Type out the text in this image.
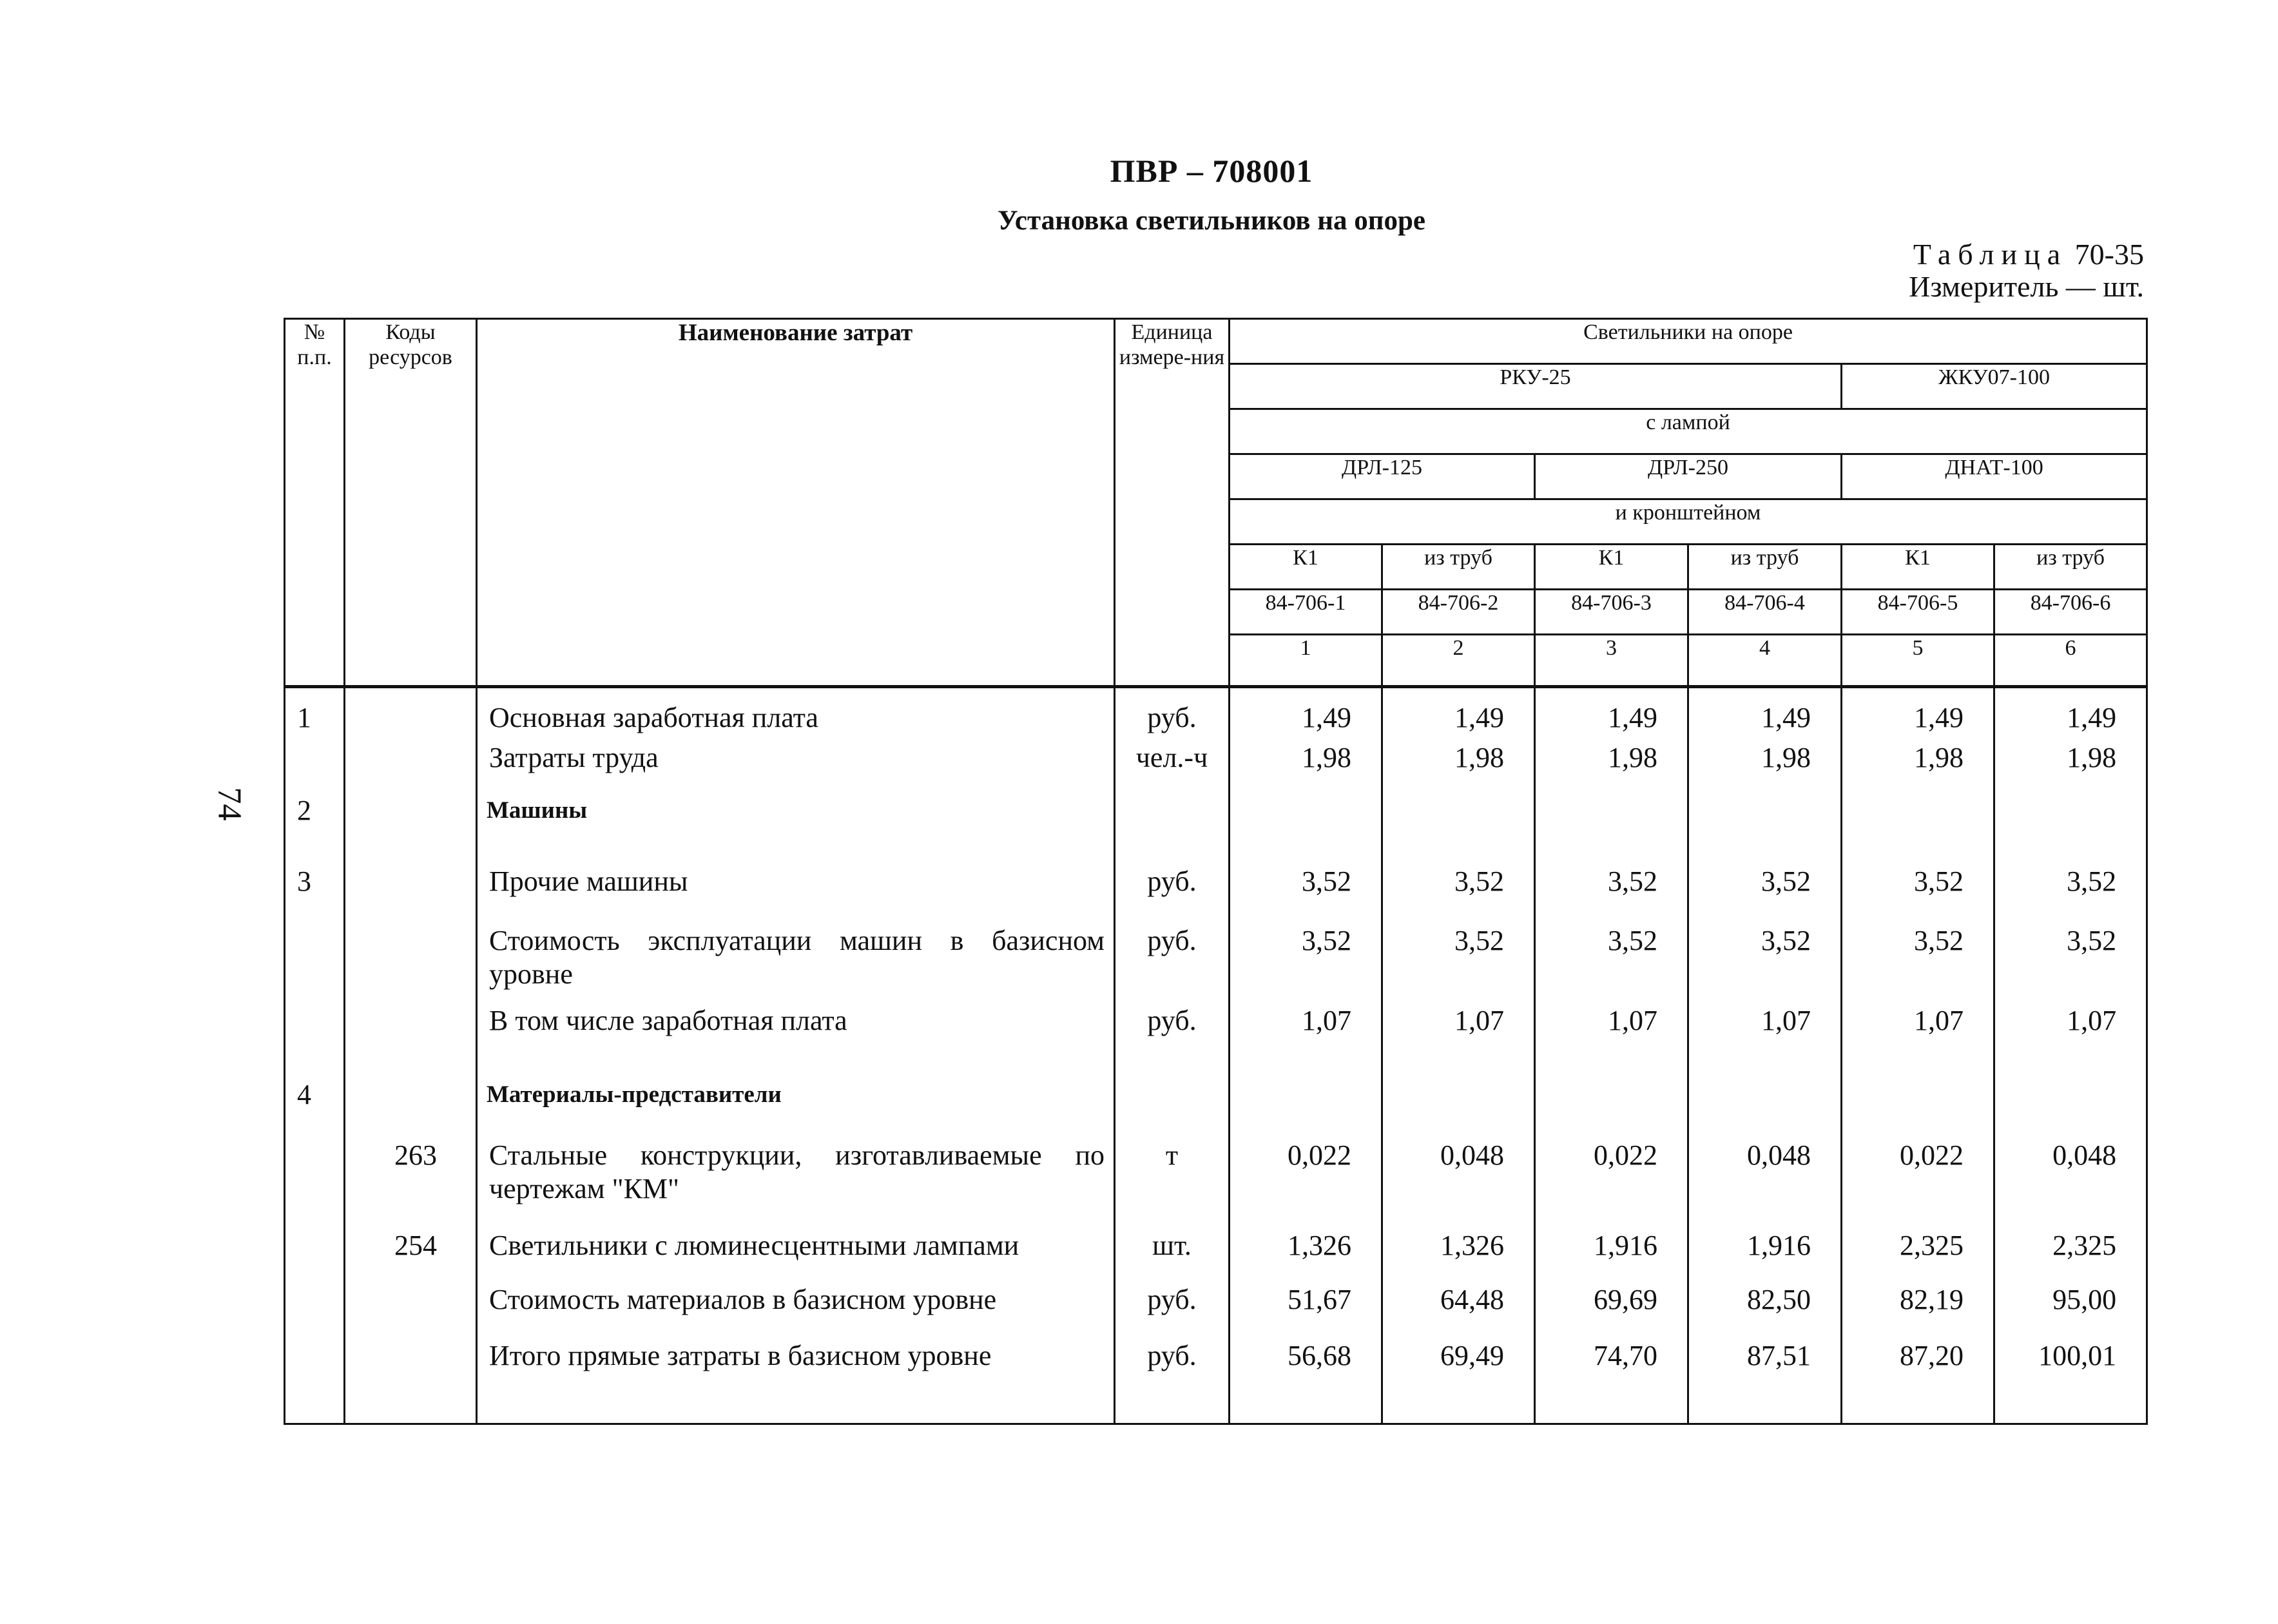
ПВР – 708001
Установка светильников на опоре
Таблица 70-35
Измеритель — шт.
74
№ п.п.	Коды ресурсов	Наименование затрат	Единица измере-ния	Светильники на опоре					
				РКУ-25				ЖКУ07-100	
				с лампой					
				ДРЛ-125		ДРЛ-250		ДНАТ-100	
				и кронштейном					
				К1	из труб	К1	из труб	К1	из труб
				84-706-1	84-706-2	84-706-3	84-706-4	84-706-5	84-706-6
				1	2	3	4	5	6

1		Основная заработная плата	руб.	1,49	1,49	1,49	1,49	1,49	1,49
		Затраты труда	чел.-ч	1,98	1,98	1,98	1,98	1,98	1,98
2		Машины							
3		Прочие машины	руб.	3,52	3,52	3,52	3,52	3,52	3,52
		Стоимость эксплуатации машин в базисном уровне	руб.	3,52	3,52	3,52	3,52	3,52	3,52
		В том числе заработная плата	руб.	1,07	1,07	1,07	1,07	1,07	1,07
4		Материалы-представители							
	263	Стальные конструкции, изготавливаемые по чертежам "КМ"	т	0,022	0,048	0,022	0,048	0,022	0,048
	254	Светильники с люминесцентными лампами	шт.	1,326	1,326	1,916	1,916	2,325	2,325
		Стоимость материалов в базисном уровне	руб.	51,67	64,48	69,69	82,50	82,19	95,00
		Итого прямые затраты в базисном уровне	руб.	56,68	69,49	74,70	87,51	87,20	100,01
